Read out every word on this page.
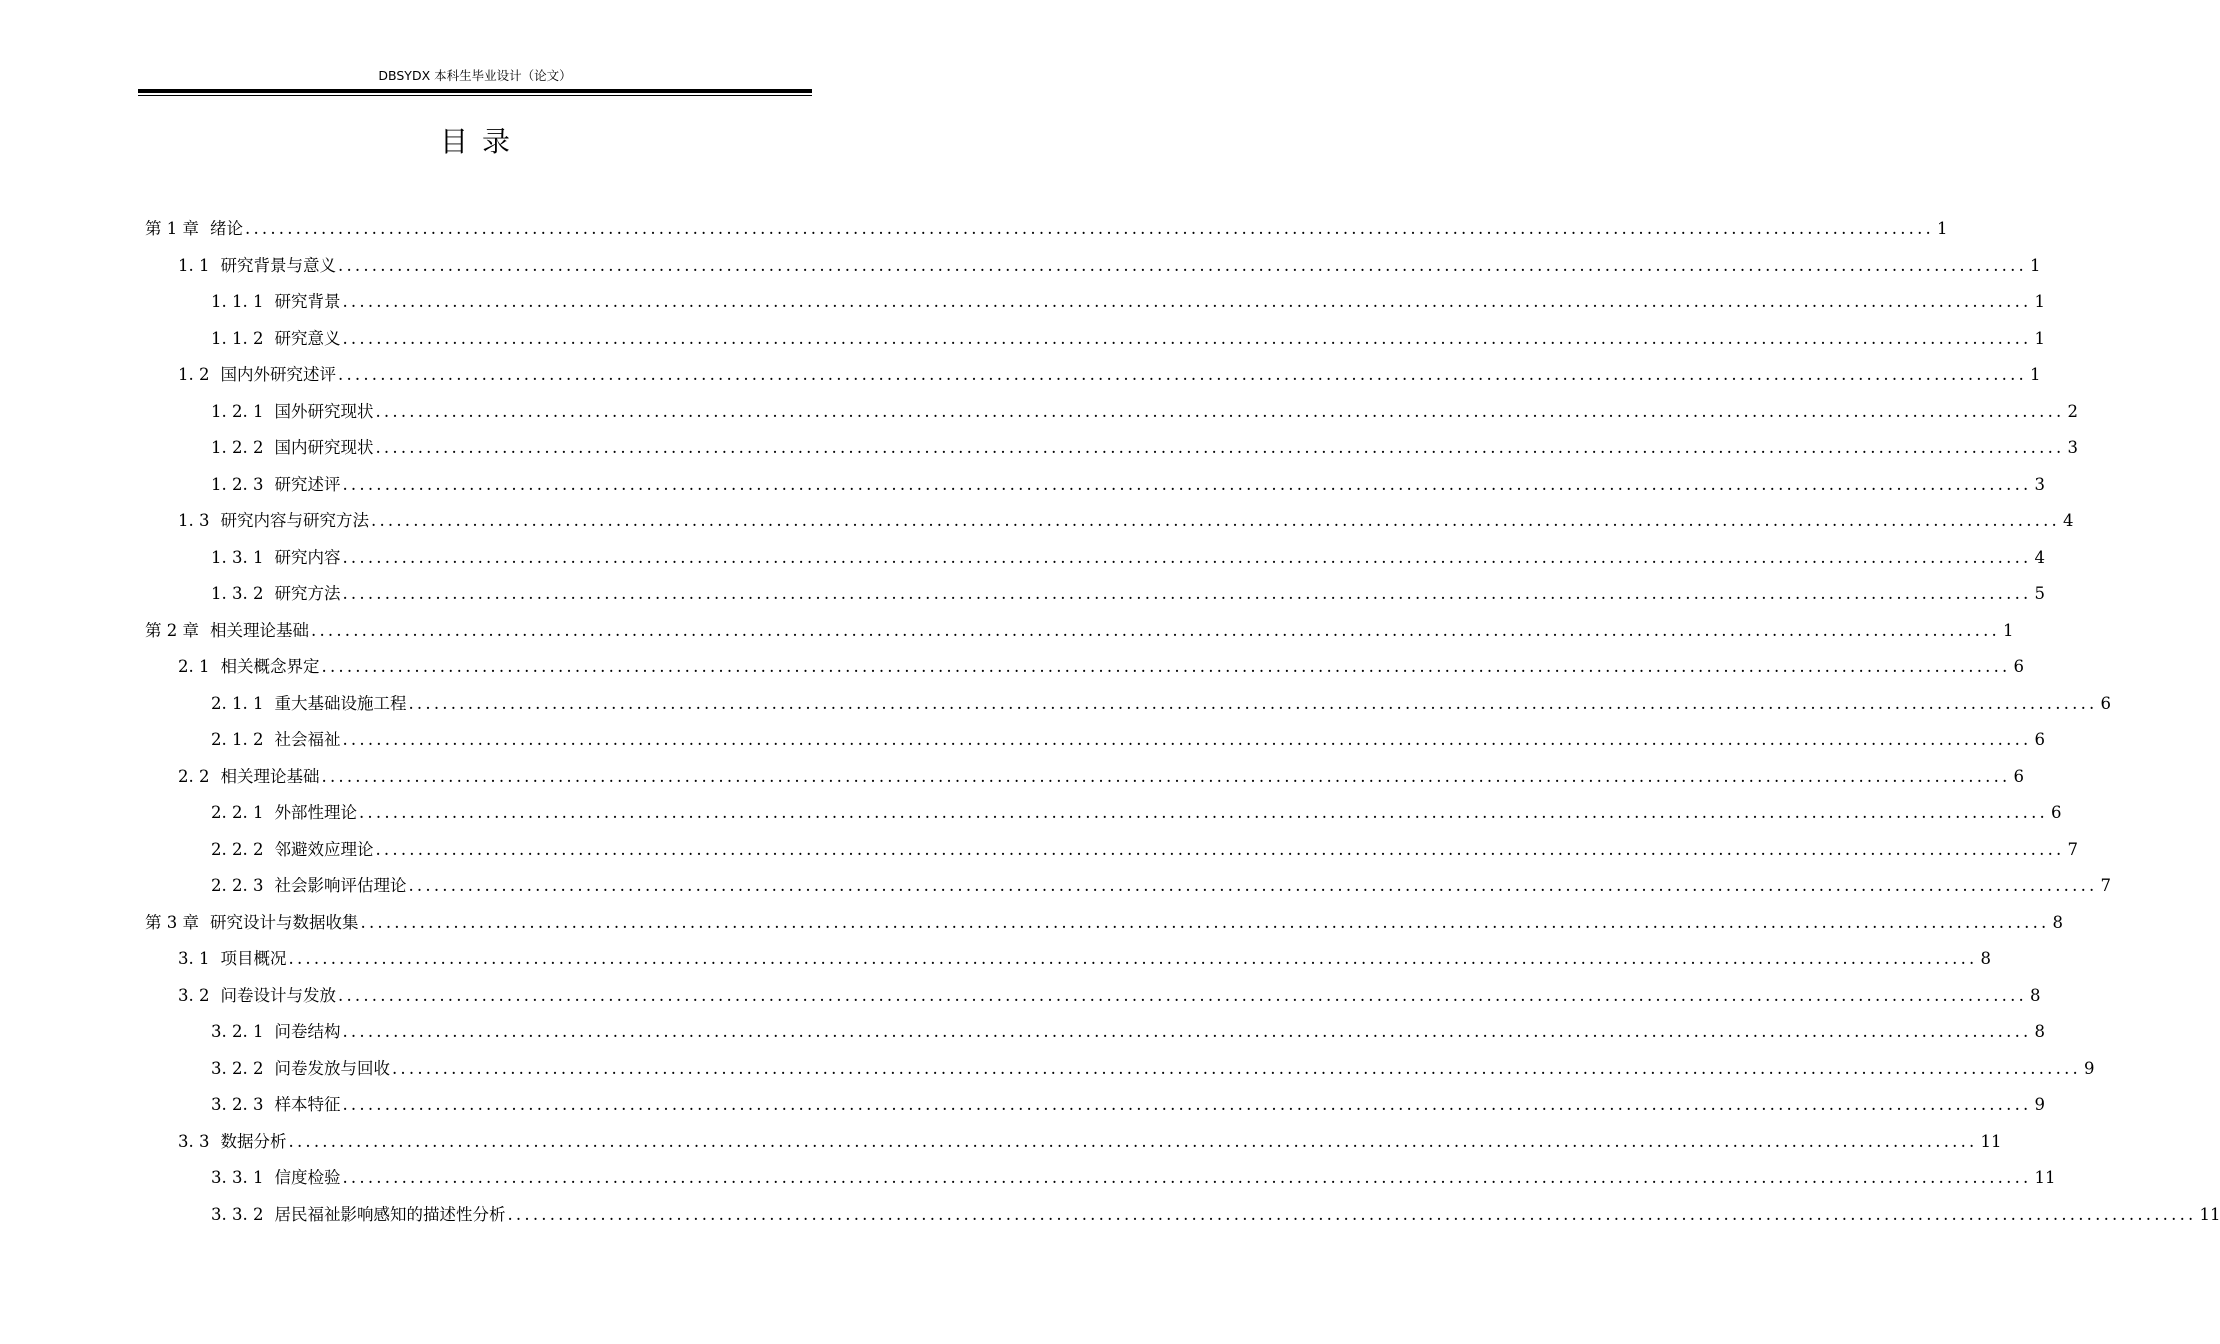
DBSYDX 本科生毕业设计（论文）
目录
第 1 章 绪论 ........................................................................................................................................................................................................ 1
1. 1 研究背景与意义 ........................................................................................................................................................................................................ 1
1. 1. 1 研究背景 ........................................................................................................................................................................................................ 1
1. 1. 2 研究意义 ........................................................................................................................................................................................................ 1
1. 2 国内外研究述评 ........................................................................................................................................................................................................ 1
1. 2. 1 国外研究现状 ........................................................................................................................................................................................................ 2
1. 2. 2 国内研究现状 ........................................................................................................................................................................................................ 3
1. 2. 3 研究述评 ........................................................................................................................................................................................................ 3
1. 3 研究内容与研究方法 ........................................................................................................................................................................................................ 4
1. 3. 1 研究内容 ........................................................................................................................................................................................................ 4
1. 3. 2 研究方法 ........................................................................................................................................................................................................ 5
第 2 章 相关理论基础 ........................................................................................................................................................................................................ 1
2. 1 相关概念界定 ........................................................................................................................................................................................................ 6
2. 1. 1 重大基础设施工程 ........................................................................................................................................................................................................ 6
2. 1. 2 社会福祉 ........................................................................................................................................................................................................ 6
2. 2 相关理论基础 ........................................................................................................................................................................................................ 6
2. 2. 1 外部性理论 ........................................................................................................................................................................................................ 6
2. 2. 2 邻避效应理论 ........................................................................................................................................................................................................ 7
2. 2. 3 社会影响评估理论 ........................................................................................................................................................................................................ 7
第 3 章 研究设计与数据收集 ........................................................................................................................................................................................................ 8
3. 1 项目概况 ........................................................................................................................................................................................................ 8
3. 2 问卷设计与发放 ........................................................................................................................................................................................................ 8
3. 2. 1 问卷结构 ........................................................................................................................................................................................................ 8
3. 2. 2 问卷发放与回收 ........................................................................................................................................................................................................ 9
3. 2. 3 样本特征 ........................................................................................................................................................................................................ 9
3. 3 数据分析 ........................................................................................................................................................................................................ 11
3. 3. 1 信度检验 ........................................................................................................................................................................................................ 11
3. 3. 2 居民福祉影响感知的描述性分析 ........................................................................................................................................................................................................ 11
